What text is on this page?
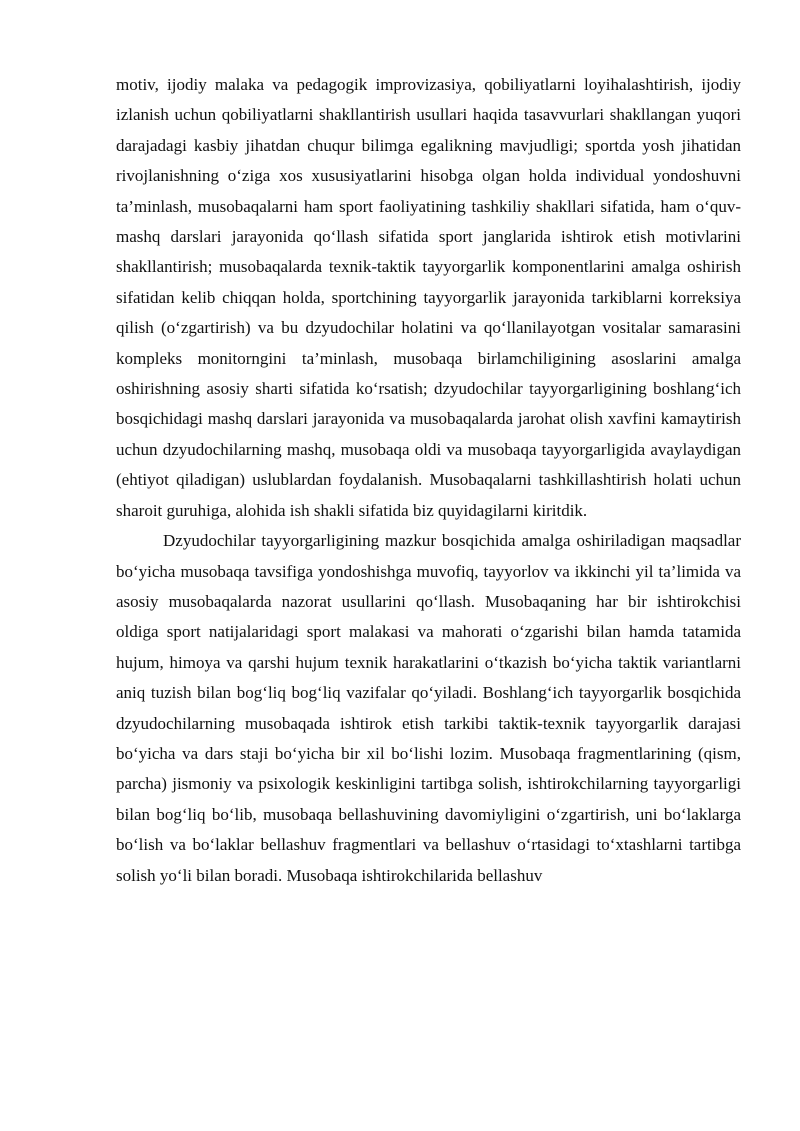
motiv, ijodiy malaka va pedagogik improvizasiya, qobiliyatlarni loyihalashtirish, ijodiy izlanish uchun qobiliyatlarni shakllantirish usullari haqida tasavvurlari shakllangan yuqori darajadagi kasbiy jihatdan chuqur bilimga egalikning mavjudligi; sportda yosh jihatidan rivojlanishning o‘ziga xos xususiyatlarini hisobga olgan holda individual yondoshuvni ta’minlash, musobaqalarni ham sport faoliyatining tashkiliy shakllari sifatida, ham o‘quv-mashq darslari jarayonida qo‘llash sifatida sport janglarida ishtirok etish motivlarini shakllantirish; musobaqalarda texnik-taktik tayyorgarlik komponentlarini amalga oshirish sifatidan kelib chiqqan holda, sportchining tayyorgarlik jarayonida tarkiblarni korreksiya qilish (o‘zgartirish) va bu dzyudochilar holatini va qo‘llanilayotgan vositalar samarasini kompleks monitorngini ta’minlash, musobaqa birlamchiligining asoslarini amalga oshirishning asosiy sharti sifatida ko‘rsatish; dzyudochilar tayyorgarligining boshlang‘ich bosqichidagi mashq darslari jarayonida va musobaqalarda jarohat olish xavfini kamaytirish uchun dzyudochilarning mashq, musobaqa oldi va musobaqa tayyorgarligida avaylaydigan (ehtiyot qiladigan) uslublardan foydalanish. Musobaqalarni tashkillashtirish holati uchun sharoit guruhiga, alohida ish shakli sifatida biz quyidagilarni kiritdik.

Dzyudochilar tayyorgarligining mazkur bosqichida amalga oshiriladigan maqsadlar bo‘yicha musobaqa tavsifiga yondoshishga muvofiq, tayyorlov va ikkinchi yil ta’limida va asosiy musobaqalarda nazorat usullarini qo‘llash. Musobaqaning har bir ishtirokchisi oldiga sport natijalaridagi sport malakasi va mahorati o‘zgarishi bilan hamda tatamida hujum, himoya va qarshi hujum texnik harakatlarini o‘tkazish bo‘yicha taktik variantlarni aniq tuzish bilan bog‘liq bog‘liq vazifalar qo‘yiladi. Boshlang‘ich tayyorgarlik bosqichida dzyudochilarning musobaqada ishtirok etish tarkibi taktik-texnik tayyorgarlik darajasi bo‘yicha va dars staji bo‘yicha bir xil bo‘lishi lozim. Musobaqa fragmentlarining (qism, parcha) jismoniy va psixologik keskinligini tartibga solish, ishtirokchilarning tayyorgarligi bilan bog‘liq bo‘lib, musobaqa bellashuvining davomiyligini o‘zgartirish, uni bo‘laklarga bo‘lish va bo‘laklar bellashuv fragmentlari va bellashuv o‘rtasidagi to‘xtashlarni tartibga solish yo‘li bilan boradi. Musobaqa ishtirokchilarida bellashuv
